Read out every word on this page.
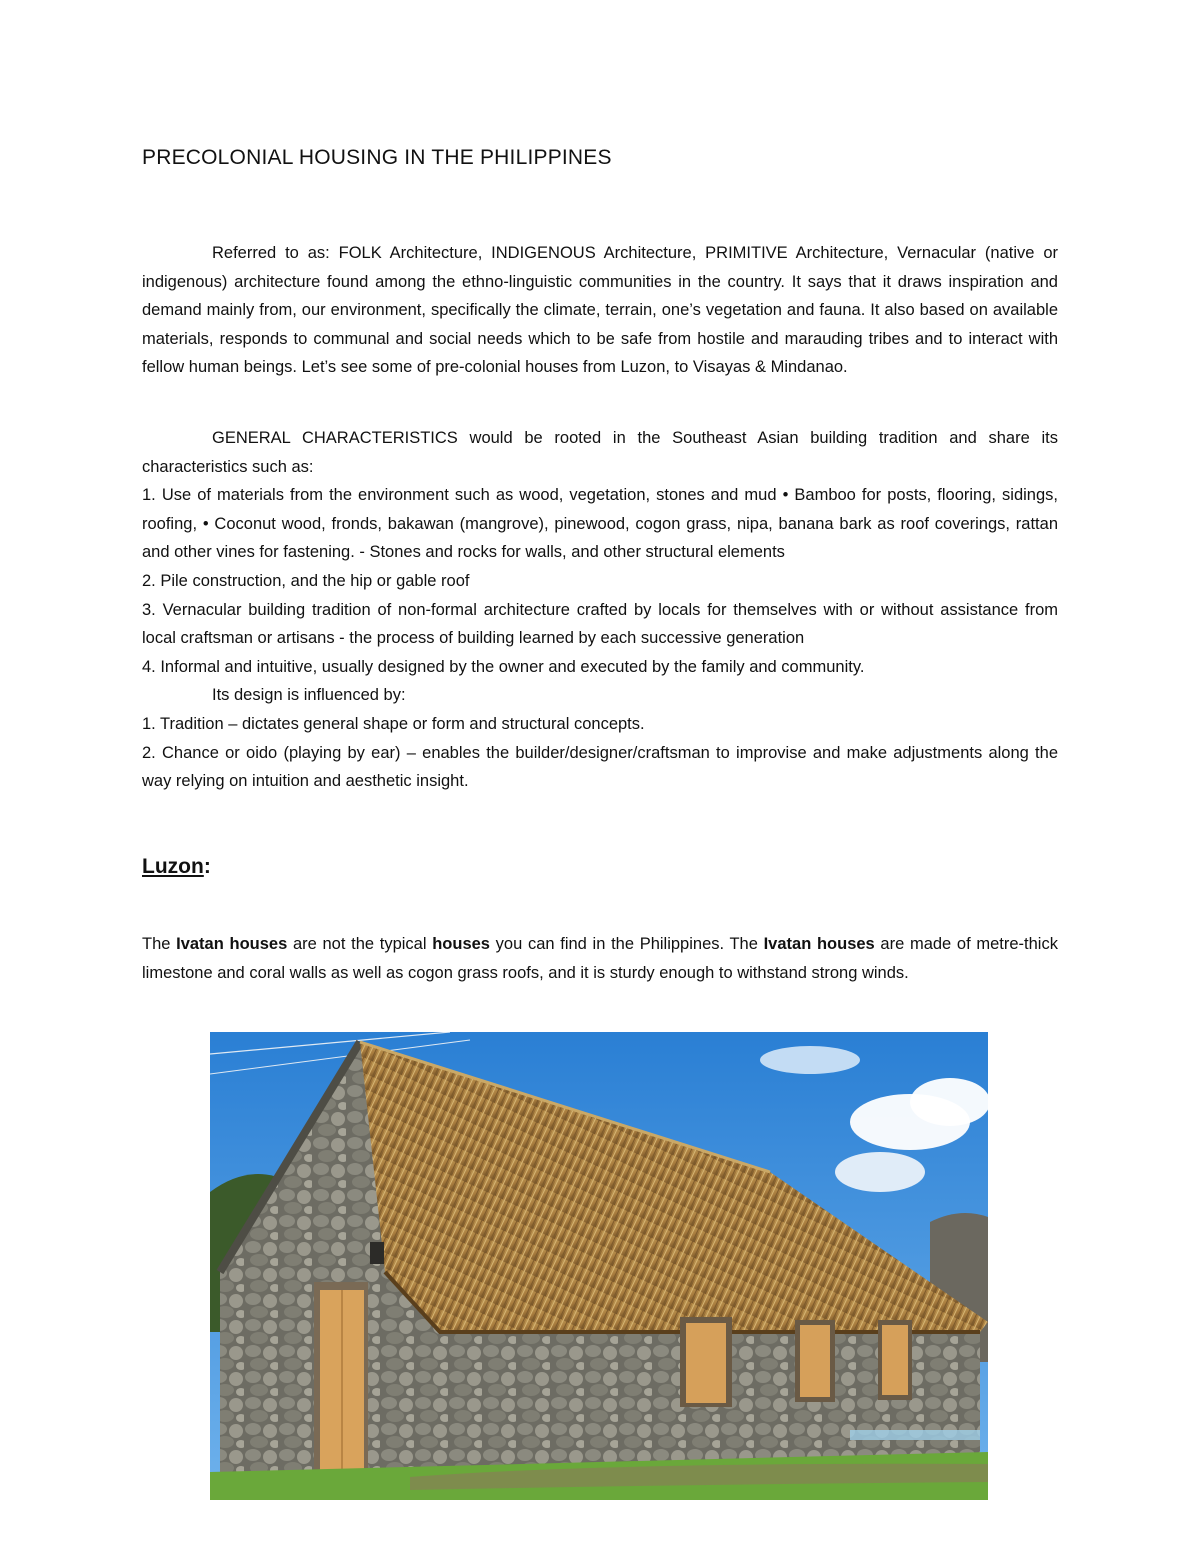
PRECOLONIAL HOUSING IN THE PHILIPPINES

Referred to as: FOLK Architecture, INDIGENOUS Architecture, PRIMITIVE Architecture, Vernacular (native or indigenous) architecture found among the ethno-linguistic communities in the country. It says that it draws inspiration and demand mainly from, our environment, specifically the climate, terrain, one’s vegetation and fauna. It also based on available materials, responds to communal and social needs which to be safe from hostile and marauding tribes and to interact with fellow human beings. Let’s see some of pre-colonial houses from Luzon, to Visayas & Mindanao.

GENERAL CHARACTERISTICS would be rooted in the Southeast Asian building tradition and share its characteristics such as:

1. Use of materials from the environment such as wood, vegetation, stones and mud • Bamboo for posts, flooring, sidings, roofing, • Coconut wood, fronds, bakawan (mangrove), pinewood, cogon grass, nipa, banana bark as roof coverings, rattan and other vines for fastening. - Stones and rocks for walls, and other structural elements

2. Pile construction, and the hip or gable roof

3. Vernacular building tradition of non-formal architecture crafted by locals for themselves with or without assistance from local craftsman or artisans - the process of building learned by each successive generation

4. Informal and intuitive, usually designed by the owner and executed by the family and community.

Its design is influenced by:

1. Tradition – dictates general shape or form and structural concepts.

2. Chance or oido (playing by ear) – enables the builder/designer/craftsman to improvise and make adjustments along the way relying on intuition and aesthetic insight.

Luzon:

The Ivatan houses are not the typical houses you can find in the Philippines. The Ivatan houses are made of metre-thick limestone and coral walls as well as cogon grass roofs, and it is sturdy enough to withstand strong winds.
